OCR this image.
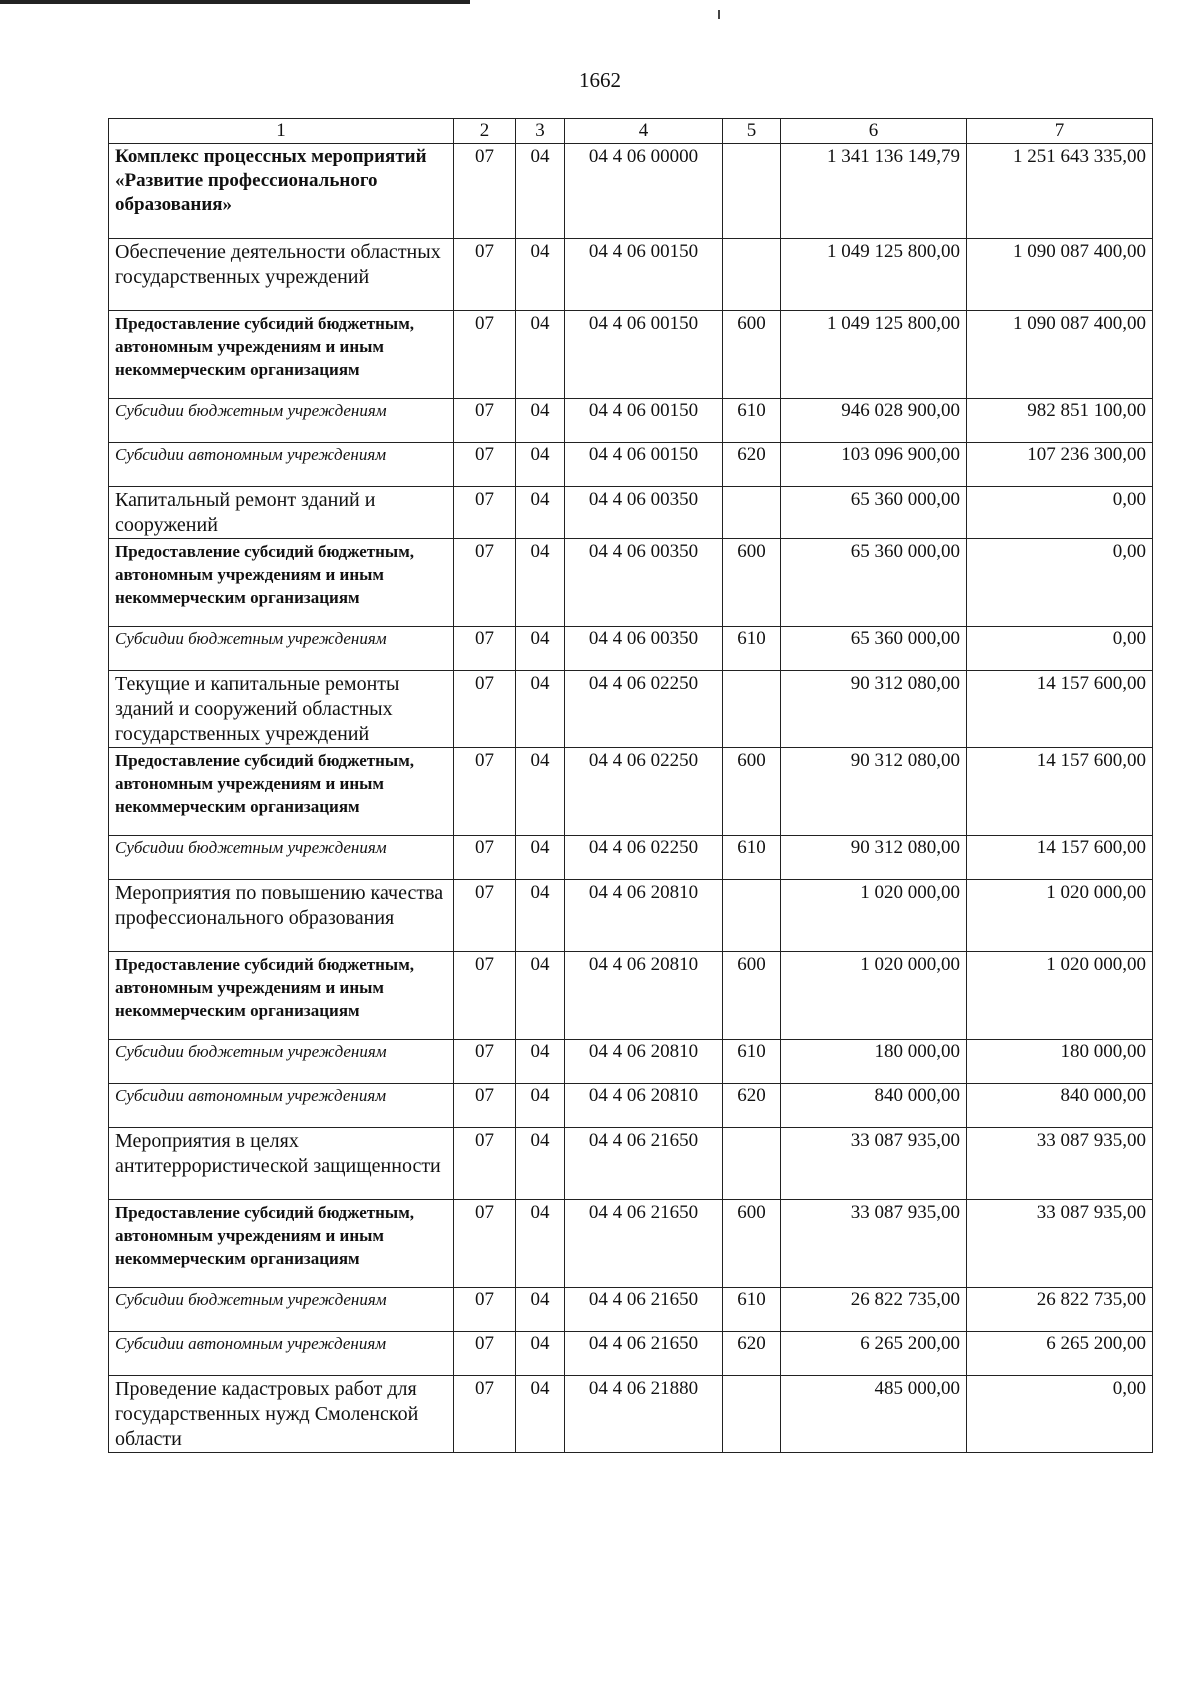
1662
1	2	3	4	5	6	7
Комплекс процессных мероприятий «Развитие профессионального образования»	07	04	04 4 06 00000		1 341 136 149,79	1 251 643 335,00
Обеспечение деятельности областных государственных учреждений	07	04	04 4 06 00150		1 049 125 800,00	1 090 087 400,00
Предоставление субсидий бюджетным, автономным учреждениям и иным некоммерческим организациям	07	04	04 4 06 00150	600	1 049 125 800,00	1 090 087 400,00
Субсидии бюджетным учреждениям	07	04	04 4 06 00150	610	946 028 900,00	982 851 100,00
Субсидии автономным учреждениям	07	04	04 4 06 00150	620	103 096 900,00	107 236 300,00
Капитальный ремонт зданий и сооружений	07	04	04 4 06 00350		65 360 000,00	0,00
Предоставление субсидий бюджетным, автономным учреждениям и иным некоммерческим организациям	07	04	04 4 06 00350	600	65 360 000,00	0,00
Субсидии бюджетным учреждениям	07	04	04 4 06 00350	610	65 360 000,00	0,00
Текущие и капитальные ремонты зданий и сооружений областных государственных учреждений	07	04	04 4 06 02250		90 312 080,00	14 157 600,00
Предоставление субсидий бюджетным, автономным учреждениям и иным некоммерческим организациям	07	04	04 4 06 02250	600	90 312 080,00	14 157 600,00
Субсидии бюджетным учреждениям	07	04	04 4 06 02250	610	90 312 080,00	14 157 600,00
Мероприятия по повышению качества профессионального образования	07	04	04 4 06 20810		1 020 000,00	1 020 000,00
Предоставление субсидий бюджетным, автономным учреждениям и иным некоммерческим организациям	07	04	04 4 06 20810	600	1 020 000,00	1 020 000,00
Субсидии бюджетным учреждениям	07	04	04 4 06 20810	610	180 000,00	180 000,00
Субсидии автономным учреждениям	07	04	04 4 06 20810	620	840 000,00	840 000,00
Мероприятия в целях антитеррористической защищенности	07	04	04 4 06 21650		33 087 935,00	33 087 935,00
Предоставление субсидий бюджетным, автономным учреждениям и иным некоммерческим организациям	07	04	04 4 06 21650	600	33 087 935,00	33 087 935,00
Субсидии бюджетным учреждениям	07	04	04 4 06 21650	610	26 822 735,00	26 822 735,00
Субсидии автономным учреждениям	07	04	04 4 06 21650	620	6 265 200,00	6 265 200,00
Проведение кадастровых работ для государственных нужд Смоленской области	07	04	04 4 06 21880		485 000,00	0,00
